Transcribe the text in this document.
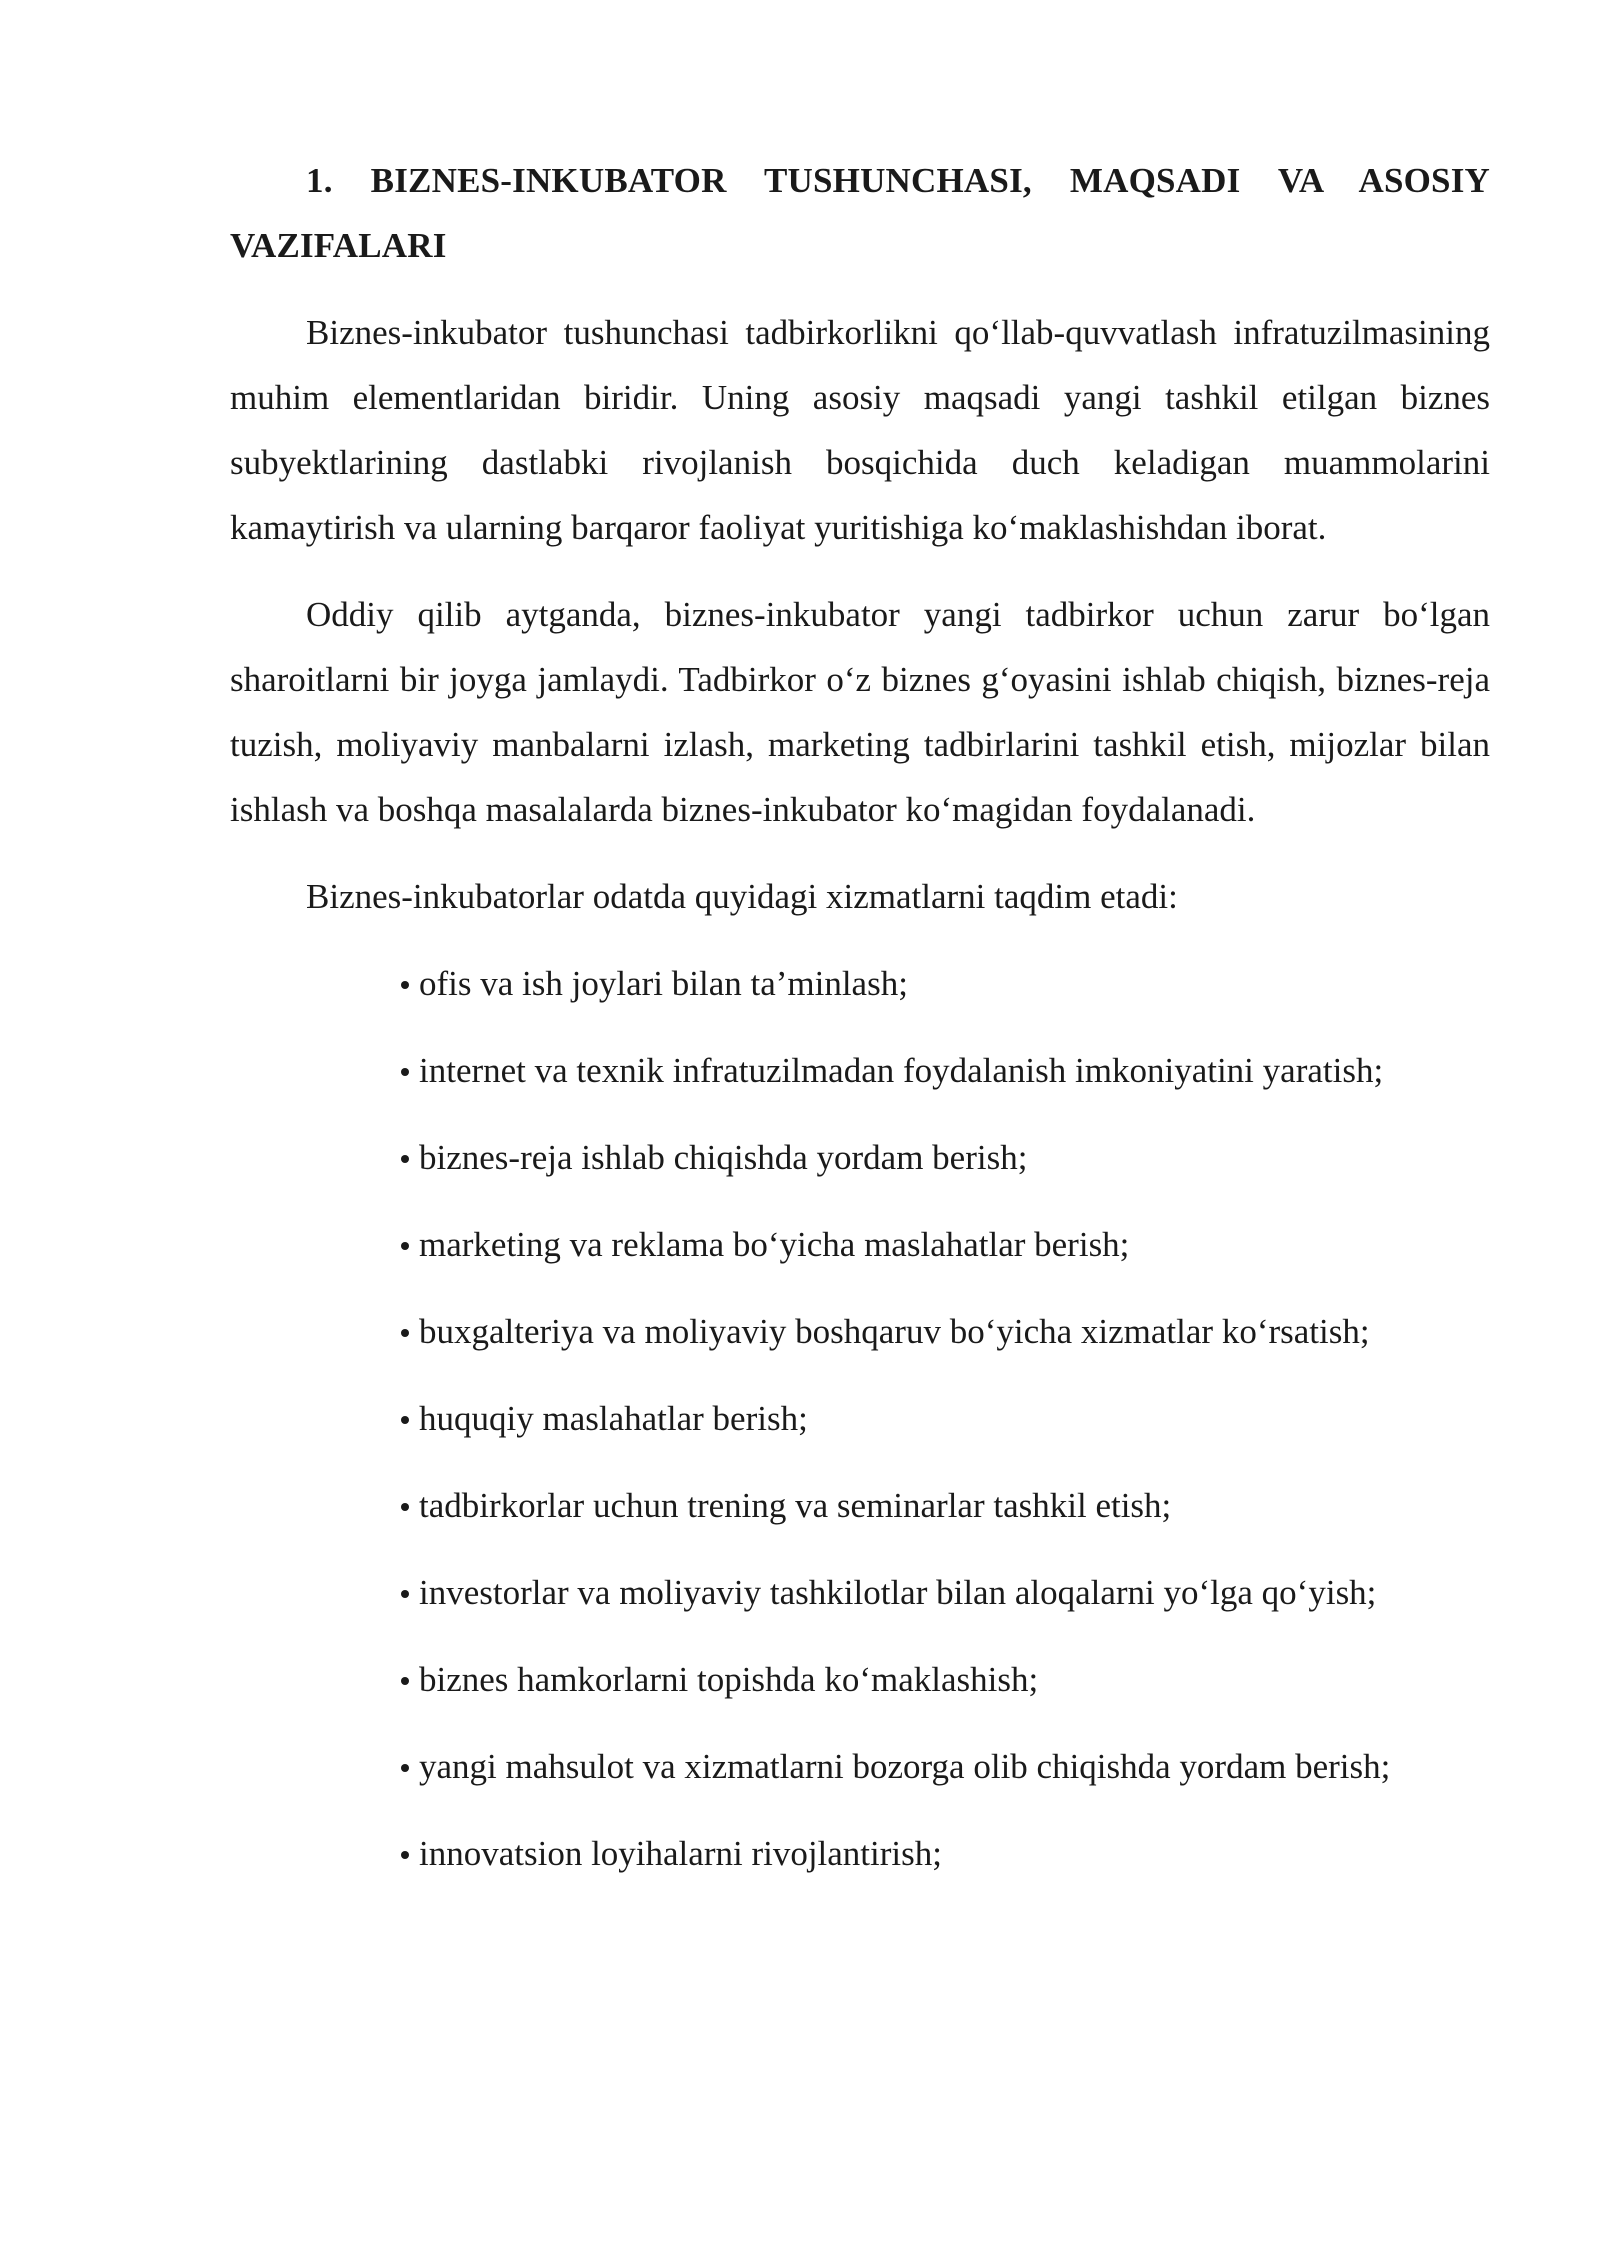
1. BIZNES-INKUBATOR TUSHUNCHASI, MAQSADI VA ASOSIY VAZIFALARI

Biznes-inkubator tushunchasi tadbirkorlikni qo‘llab-quvvatlash infratuzilmasining muhim elementlaridan biridir. Uning asosiy maqsadi yangi tashkil etilgan biznes subyektlarining dastlabki rivojlanish bosqichida duch keladigan muammolarini kamaytirish va ularning barqaror faoliyat yuritishiga ko‘maklashishdan iborat.

Oddiy qilib aytganda, biznes-inkubator yangi tadbirkor uchun zarur bo‘lgan sharoitlarni bir joyga jamlaydi. Tadbirkor o‘z biznes g‘oyasini ishlab chiqish, biznes-reja tuzish, moliyaviy manbalarni izlash, marketing tadbirlarini tashkil etish, mijozlar bilan ishlash va boshqa masalalarda biznes-inkubator ko‘magidan foydalanadi.

Biznes-inkubatorlar odatda quyidagi xizmatlarni taqdim etadi:

ofis va ish joylari bilan ta’minlash;
internet va texnik infratuzilmadan foydalanish imkoniyatini yaratish;
biznes-reja ishlab chiqishda yordam berish;
marketing va reklama bo‘yicha maslahatlar berish;
buxgalteriya va moliyaviy boshqaruv bo‘yicha xizmatlar ko‘rsatish;
huquqiy maslahatlar berish;
tadbirkorlar uchun trening va seminarlar tashkil etish;
investorlar va moliyaviy tashkilotlar bilan aloqalarni yo‘lga qo‘yish;
biznes hamkorlarni topishda ko‘maklashish;
yangi mahsulot va xizmatlarni bozorga olib chiqishda yordam berish;
innovatsion loyihalarni rivojlantirish;
